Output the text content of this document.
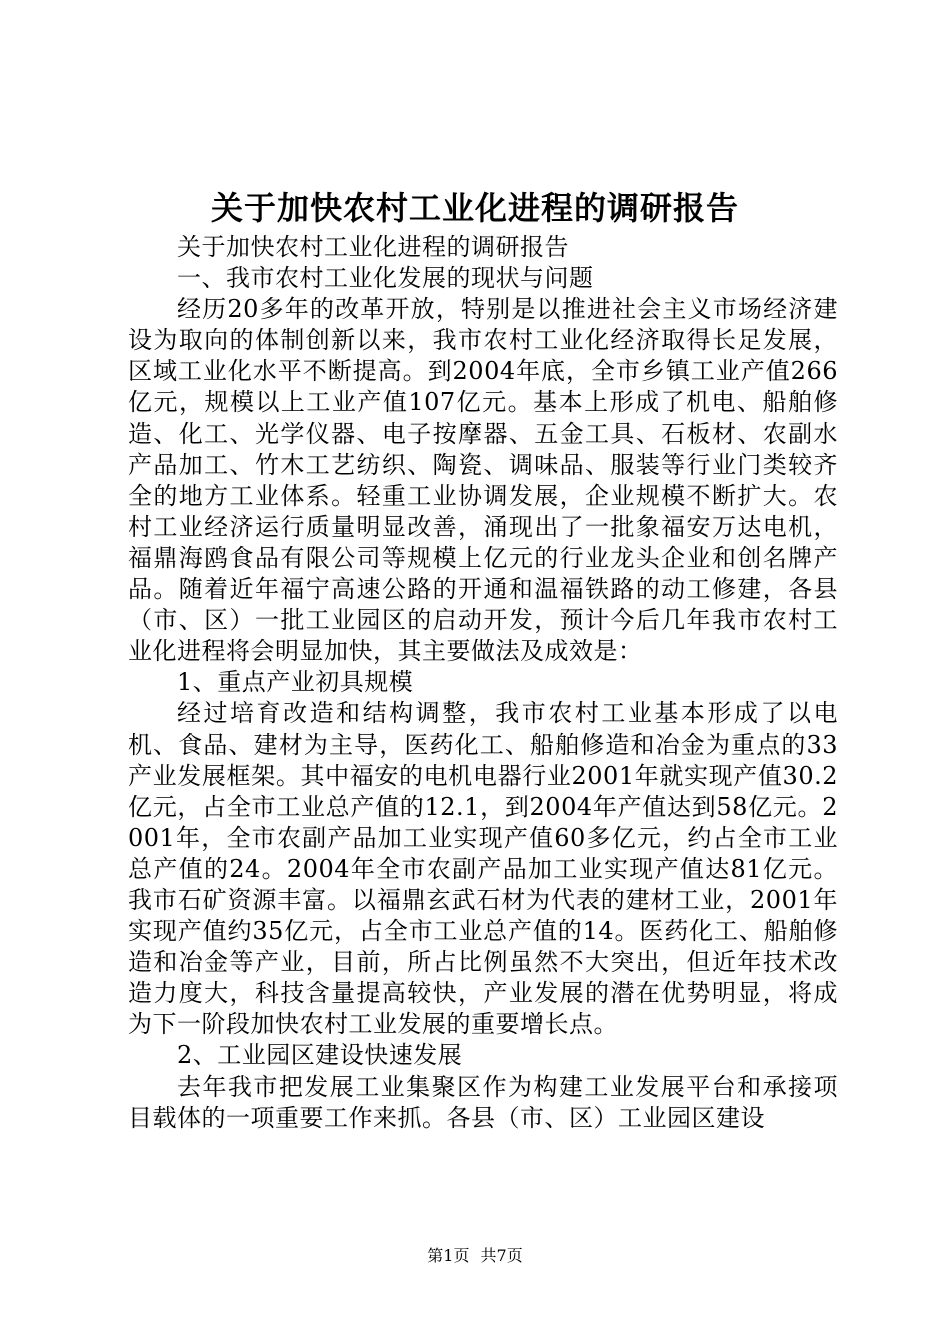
关于加快农村工业化进程的调研报告

关于加快农村工业化进程的调研报告

一、我市农村工业化发展的现状与问题

经历20多年的改革开放，特别是以推进社会主义市场经济建设为取向的体制创新以来，我市农村工业化经济取得长足发展，区域工业化水平不断提高。到2004年底，全市乡镇工业产值266亿元，规模以上工业产值107亿元。基本上形成了机电、船舶修造、化工、光学仪器、电子按摩器、五金工具、石板材、农副水产品加工、竹木工艺纺织、陶瓷、调味品、服装等行业门类较齐全的地方工业体系。轻重工业协调发展，企业规模不断扩大。农村工业经济运行质量明显改善，涌现出了一批象福安万达电机，福鼎海鸥食品有限公司等规模上亿元的行业龙头企业和创名牌产品。随着近年福宁高速公路的开通和温福铁路的动工修建，各县（市、区）一批工业园区的启动开发，预计今后几年我市农村工业化进程将会明显加快，其主要做法及成效是：

1、重点产业初具规模

经过培育改造和结构调整，我市农村工业基本形成了以电机、食品、建材为主导，医药化工、船舶修造和冶金为重点的33产业发展框架。其中福安的电机电器行业2001年就实现产值30.2亿元，占全市工业总产值的12.1，到2004年产值达到58亿元。2001年，全市农副产品加工业实现产值60多亿元，约占全市工业总产值的24。2004年全市农副产品加工业实现产值达81亿元。我市石矿资源丰富。以福鼎玄武石材为代表的建材工业，2001年实现产值约35亿元，占全市工业总产值的14。医药化工、船舶修造和冶金等产业，目前，所占比例虽然不大突出，但近年技术改造力度大，科技含量提高较快，产业发展的潜在优势明显，将成为下一阶段加快农村工业发展的重要增长点。

2、工业园区建设快速发展

去年我市把发展工业集聚区作为构建工业发展平台和承接项目载体的一项重要工作来抓。各县（市、区）工业园区建设

第1页 共7页
